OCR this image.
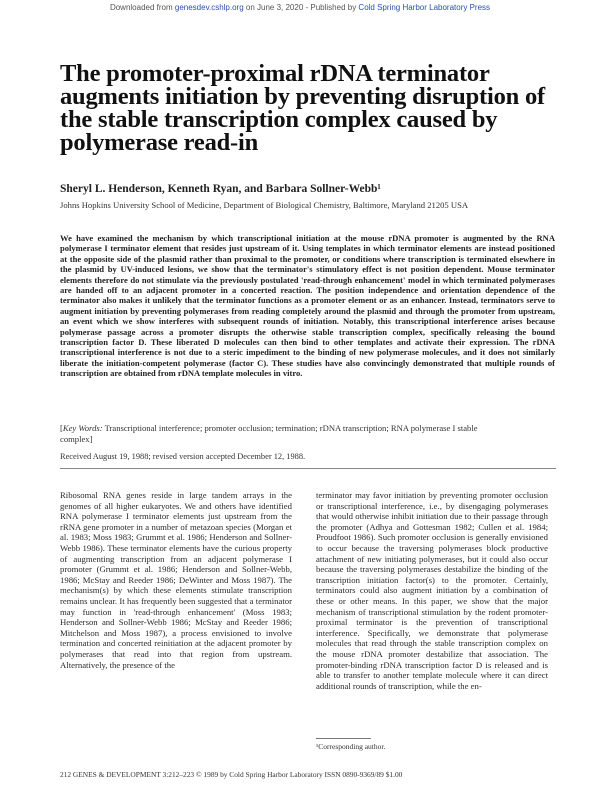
Downloaded from genesdev.cshlp.org on June 3, 2020 - Published by Cold Spring Harbor Laboratory Press
The promoter-proximal rDNA terminator augments initiation by preventing disruption of the stable transcription complex caused by polymerase read-in
Sheryl L. Henderson, Kenneth Ryan, and Barbara Sollner-Webb¹
Johns Hopkins University School of Medicine, Department of Biological Chemistry, Baltimore, Maryland 21205 USA

We have examined the mechanism by which transcriptional initiation at the mouse rDNA promoter is augmented by the RNA polymerase I terminator element that resides just upstream of it. Using templates in which terminator elements are instead positioned at the opposite side of the plasmid rather than proximal to the promoter, or conditions where transcription is terminated elsewhere in the plasmid by UV-induced lesions, we show that the terminator's stimulatory effect is not position dependent. Mouse terminator elements therefore do not stimulate via the previously postulated 'read-through enhancement' model in which terminated polymerases are handed off to an adjacent promoter in a concerted reaction. The position independence and orientation dependence of the terminator also makes it unlikely that the terminator functions as a promoter element or as an enhancer. Instead, terminators serve to augment initiation by preventing polymerases from reading completely around the plasmid and through the promoter from upstream, an event which we show interferes with subsequent rounds of initiation. Notably, this transcriptional interference arises because polymerase passage across a promoter disrupts the otherwise stable transcription complex, specifically releasing the bound transcription factor D. These liberated D molecules can then bind to other templates and activate their expression. The rDNA transcriptional interference is not due to a steric impediment to the binding of new polymerase molecules, and it does not similarly liberate the initiation-competent polymerase (factor C). These studies have also convincingly demonstrated that multiple rounds of transcription are obtained from rDNA template molecules in vitro.

[Key Words: Transcriptional interference; promoter occlusion; termination; rDNA transcription; RNA polymerase I stable complex]
Received August 19, 1988; revised version accepted December 12, 1988.

Ribosomal RNA genes reside in large tandem arrays in the genomes of all higher eukaryotes. We and others have identified RNA polymerase I terminator elements just upstream from the rRNA gene promoter in a number of metazoan species (Morgan et al. 1983; Moss 1983; Grummt et al. 1986; Henderson and Sollner-Webb 1986). These terminator elements have the curious property of augmenting transcription from an adjacent polymerase I promoter (Grummt et al. 1986; Henderson and Sollner-Webb, 1986; McStay and Reeder 1986; DeWinter and Moss 1987). The mechanism(s) by which these elements stimulate transcription remains unclear. It has frequently been suggested that a terminator may function in 'read-through enhancement' (Moss 1983; Henderson and Sollner-Webb 1986; McStay and Reeder 1986; Mitchelson and Moss 1987), a process envisioned to involve termination and concerted reinitiation at the adjacent promoter by polymerases that read into that region from upstream. Alternatively, the presence of the

terminator may favor initiation by preventing promoter occlusion or transcriptional interference, i.e., by disengaging polymerases that would otherwise inhibit initiation due to their passage through the promoter (Adhya and Gottesman 1982; Cullen et al. 1984; Proudfoot 1986). Such promoter occlusion is generally envisioned to occur because the traversing polymerases block productive attachment of new initiating polymerases, but it could also occur because the traversing polymerases destabilize the binding of the transcription initiation factor(s) to the promoter. Certainly, terminators could also augment initiation by a combination of these or other means. In this paper, we show that the major mechanism of transcriptional stimulation by the rodent promoter-proximal terminator is the prevention of transcriptional interference. Specifically, we demonstrate that polymerase molecules that read through the stable transcription complex on the mouse rDNA promoter destabilize that association. The promoter-binding rDNA transcription factor D is released and is able to transfer to another template molecule where it can direct additional rounds of transcription, while the en-

¹Corresponding author.
212 GENES & DEVELOPMENT 3:212–223 © 1989 by Cold Spring Harbor Laboratory ISSN 0890-9369/89 $1.00
